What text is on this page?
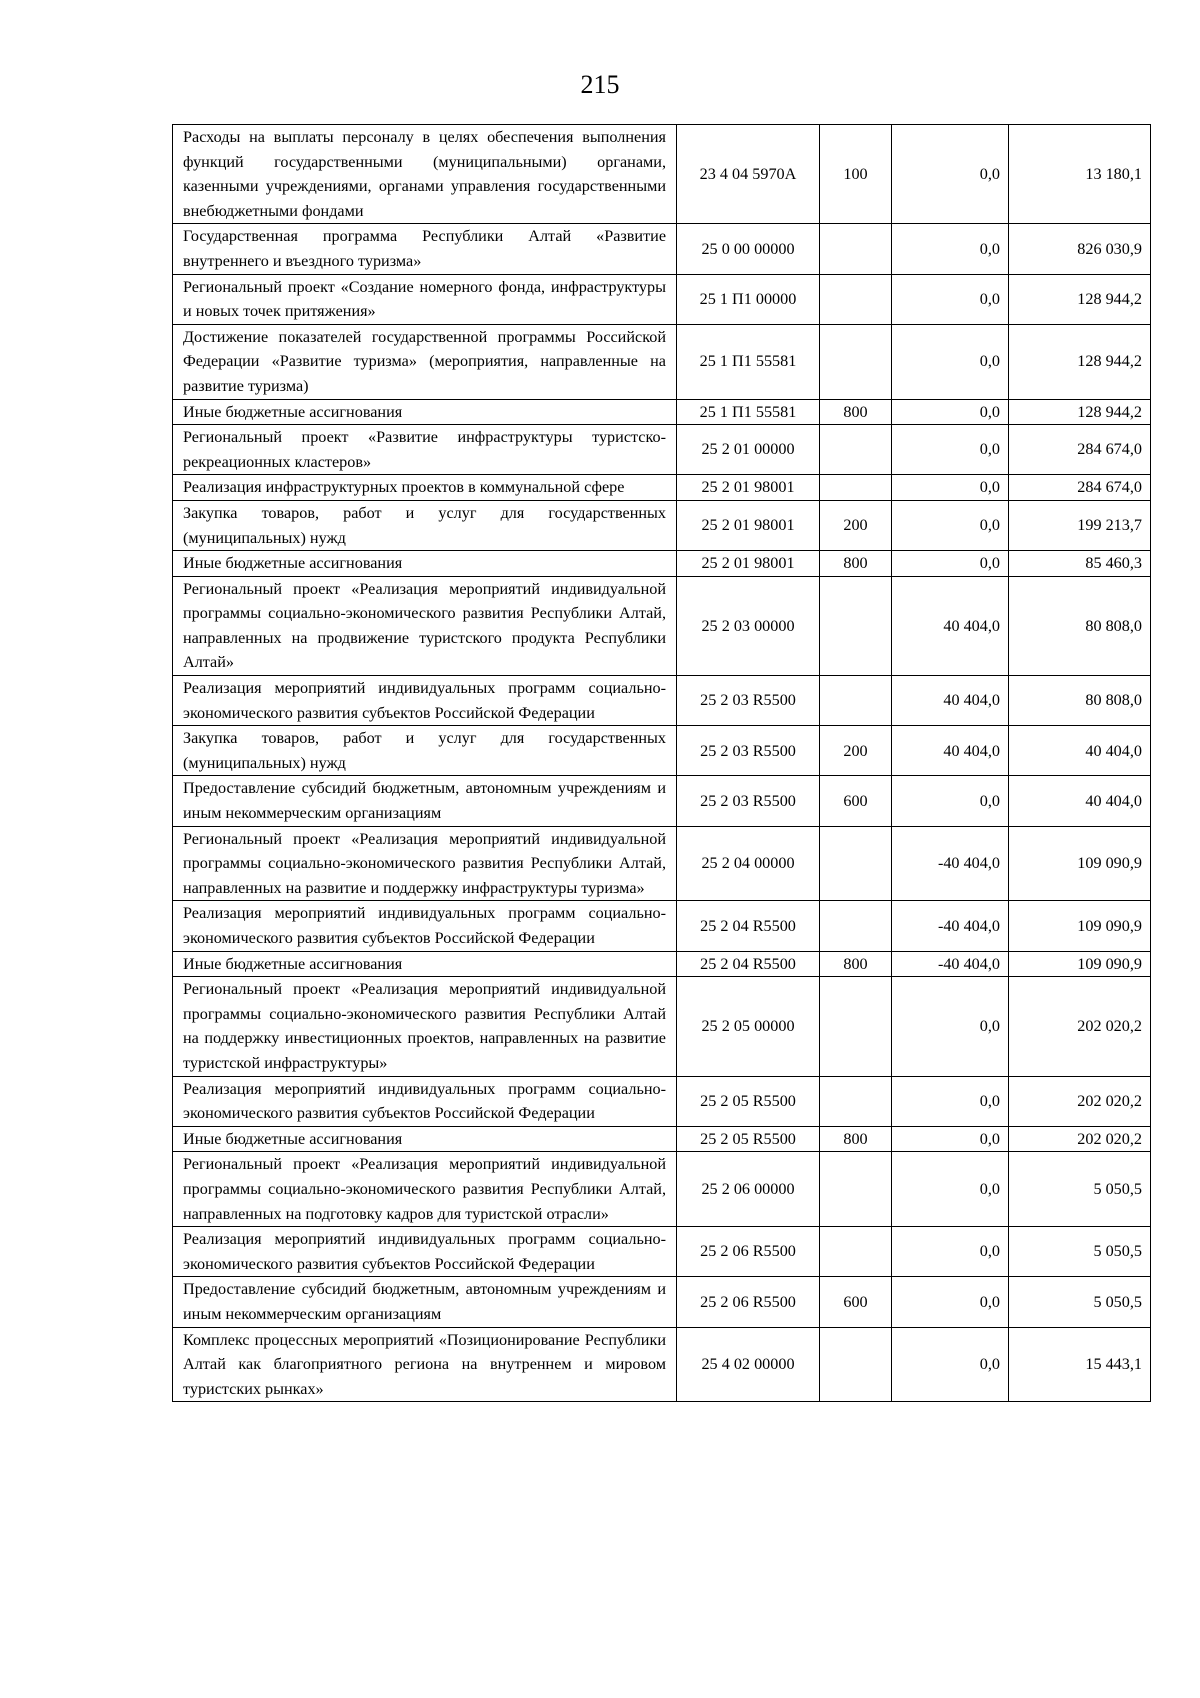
215
Расходы на выплаты персоналу в целях обеспечения выполнения функций государственными (муниципальными) органами, казенными учреждениями, органами управления государственными внебюджетными фондами	23 4 04 5970А	100	0,0	13 180,1
Государственная программа Республики Алтай «Развитие внутреннего и въездного туризма»	25 0 00 00000		0,0	826 030,9
Региональный проект «Создание номерного фонда, инфраструктуры и новых точек притяжения»	25 1 П1 00000		0,0	128 944,2
Достижение показателей государственной программы Российской Федерации «Развитие туризма» (мероприятия, направленные на развитие туризма)	25 1 П1 55581		0,0	128 944,2
Иные бюджетные ассигнования	25 1 П1 55581	800	0,0	128 944,2
Региональный проект «Развитие инфраструктуры туристско-рекреационных кластеров»	25 2 01 00000		0,0	284 674,0
Реализация инфраструктурных проектов в коммунальной сфере	25 2 01 98001		0,0	284 674,0
Закупка товаров, работ и услуг для государственных (муниципальных) нужд	25 2 01 98001	200	0,0	199 213,7
Иные бюджетные ассигнования	25 2 01 98001	800	0,0	85 460,3
Региональный проект «Реализация мероприятий индивидуальной программы социально-экономического развития Республики Алтай, направленных на продвижение туристского продукта Республики Алтай»	25 2 03 00000		40 404,0	80 808,0
Реализация мероприятий индивидуальных программ социально-экономического развития субъектов Российской Федерации	25 2 03 R5500		40 404,0	80 808,0
Закупка товаров, работ и услуг для государственных (муниципальных) нужд	25 2 03 R5500	200	40 404,0	40 404,0
Предоставление субсидий бюджетным, автономным учреждениям и иным некоммерческим организациям	25 2 03 R5500	600	0,0	40 404,0
Региональный проект «Реализация мероприятий индивидуальной программы социально-экономического развития Республики Алтай, направленных на развитие и поддержку инфраструктуры туризма»	25 2 04 00000		-40 404,0	109 090,9
Реализация мероприятий индивидуальных программ социально-экономического развития субъектов Российской Федерации	25 2 04 R5500		-40 404,0	109 090,9
Иные бюджетные ассигнования	25 2 04 R5500	800	-40 404,0	109 090,9
Региональный проект «Реализация мероприятий индивидуальной программы социально-экономического развития Республики Алтай на поддержку инвестиционных проектов, направленных на развитие туристской инфраструктуры»	25 2 05 00000		0,0	202 020,2
Реализация мероприятий индивидуальных программ социально-экономического развития субъектов Российской Федерации	25 2 05 R5500		0,0	202 020,2
Иные бюджетные ассигнования	25 2 05 R5500	800	0,0	202 020,2
Региональный проект «Реализация мероприятий индивидуальной программы социально-экономического развития Республики Алтай, направленных на подготовку кадров для туристской отрасли»	25 2 06 00000		0,0	5 050,5
Реализация мероприятий индивидуальных программ социально-экономического развития субъектов Российской Федерации	25 2 06 R5500		0,0	5 050,5
Предоставление субсидий бюджетным, автономным учреждениям и иным некоммерческим организациям	25 2 06 R5500	600	0,0	5 050,5
Комплекс процессных мероприятий «Позиционирование Республики Алтай как благоприятного региона на внутреннем и мировом туристских рынках»	25 4 02 00000		0,0	15 443,1
